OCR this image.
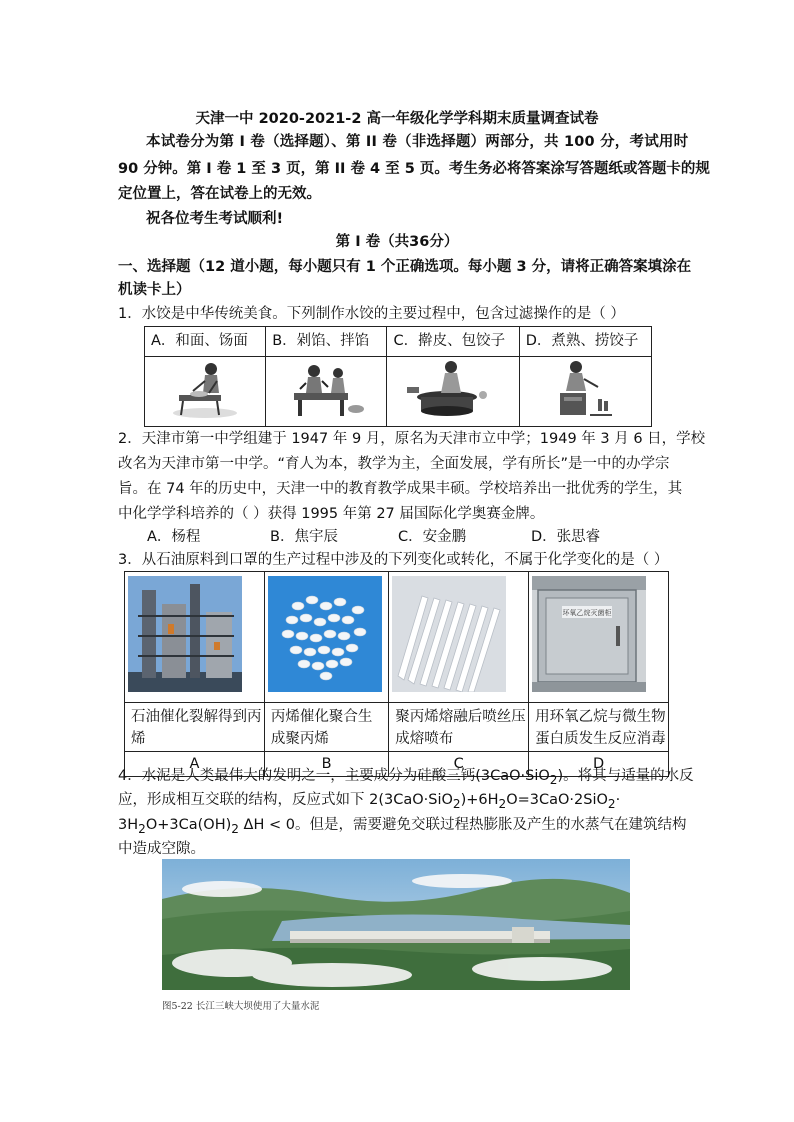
天津一中 2020-2021-2 高一年级化学学科期末质量调查试卷
本试卷分为第 I 卷（选择题）、第 II 卷（非选择题）两部分，共 100 分，考试用时
90 分钟。第 I 卷 1 至 3 页，第 II 卷 4 至 5 页。考生务必将答案涂写答题纸或答题卡的规
定位置上，答在试卷上的无效。
祝各位考生考试顺利!
第 I 卷（共36分）
一、选择题（12 道小题，每小题只有 1 个正确选项。每小题 3 分，请将正确答案填涂在
机读卡上）
1．水饺是中华传统美食。下列制作水饺的主要过程中，包含过滤操作的是（ ）
A．和面、饧面	B．剁馅、拌馅	C．擀皮、包饺子	D．煮熟、捞饺子

2．天津市第一中学组建于 1947 年 9 月，原名为天津市立中学；1949 年 3 月 6 日，学校
改名为天津市第一中学。“育人为本，教学为主，全面发展，学有所长”是一中的办学宗
旨。在 74 年的历史中，天津一中的教育教学成果丰硕。学校培养出一批优秀的学生，其
中化学学科培养的（ ）获得 1995 年第 27 届国际化学奥赛金牌。
A．杨程	B．焦宇辰	C．安金鹏	D．张思睿
3．从石油原料到口罩的生产过程中涉及的下列变化或转化，不属于化学变化的是（ ）

环氧乙烷灭菌柜

石油催化裂解得到丙烯	丙烯催化聚合生成聚丙烯	聚丙烯熔融后喷丝压成熔喷布	用环氧乙烷与微生物蛋白质发生反应消毒
A	B	C	D
4．水泥是人类最伟大的发明之一，主要成分为硅酸三钙(3CaO·SiO$_2$)。将其与适量的水反
应，形成相互交联的结构，反应式如下 $2(3CaO\cdot SiO_2)+6H_2O=3CaO\cdot 2SiO_2\cdot$
$3H_2O+3Ca(OH)_2$ ΔH < 0。但是，需要避免交联过程热膨胀及产生的水蒸气在建筑结构
中造成空隙。
图5-22 长江三峡大坝使用了大量水泥
